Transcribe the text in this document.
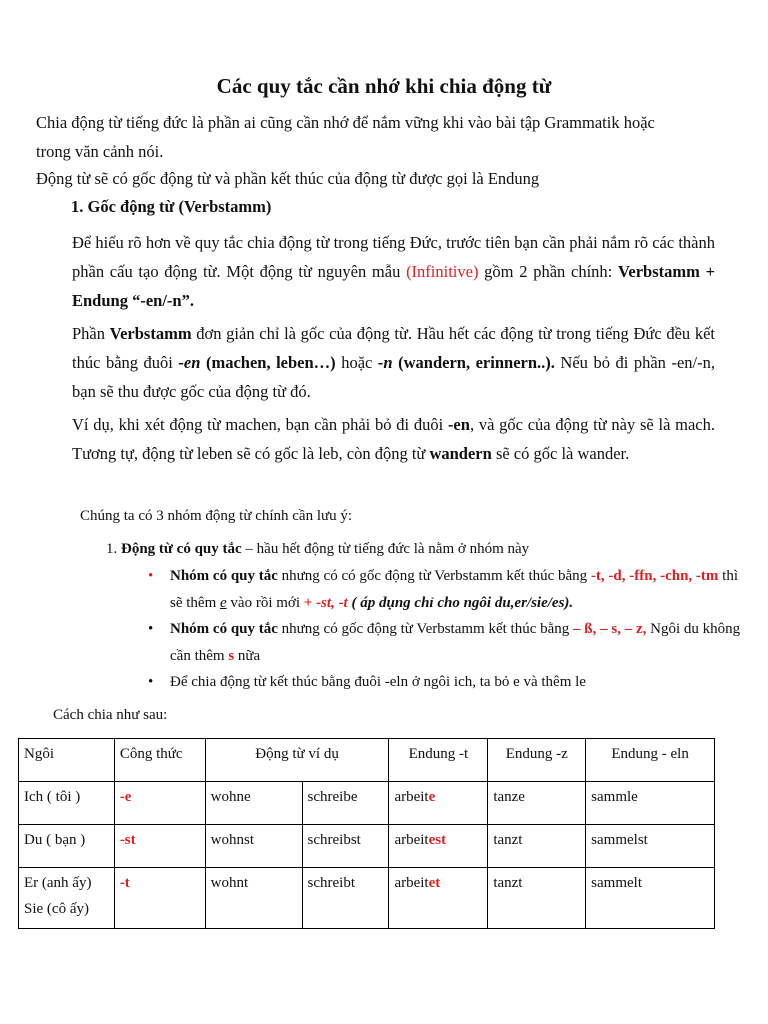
Các quy tắc cần nhớ khi chia động từ

Chia động từ tiếng đức là phần ai cũng cần nhớ để nắm vững khi vào bài tập Grammatik hoặc

trong văn cảnh nói.

Động từ sẽ có gốc động từ và phần kết thúc của động từ được gọi là Endung

1. Gốc động từ (Verbstamm)

Để hiểu rõ hơn về quy tắc chia động từ trong tiếng Đức, trước tiên bạn cần phải nắm rõ các thành phần cấu tạo động từ. Một động từ nguyên mẫu (Infinitive) gồm 2 phần chính: Verbstamm + Endung “-en/-n”.

Phần Verbstamm đơn giản chỉ là gốc của động từ. Hầu hết các động từ trong tiếng Đức đều kết thúc bằng đuôi -en (machen, leben…) hoặc -n (wandern, erinnern..). Nếu bỏ đi phần -en/-n, bạn sẽ thu được gốc của động từ đó.

Ví dụ, khi xét động từ machen, bạn cần phải bỏ đi đuôi -en, và gốc của động từ này sẽ là mach. Tương tự, động từ leben sẽ có gốc là leb, còn động từ wandern sẽ có gốc là wander.

Chúng ta có 3 nhóm động từ chính cần lưu ý:

1. Động từ có quy tắc – hầu hết động từ tiếng đức là nằm ở nhóm này

• Nhóm có quy tắc nhưng có có gốc động từ Verbstamm kết thúc bằng -t, -d, -ffn, -chn, -tm thì sẽ thêm e vào rồi mới + -st, -t ( áp dụng chỉ cho ngôi du,er/sie/es).
• Nhóm có quy tắc nhưng có gốc động từ Verbstamm kết thúc bằng – ß, – s, – z, Ngôi du không cần thêm s nữa
• Để chia động từ kết thúc bằng đuôi -eln ở ngôi ich, ta bỏ e và thêm le

Cách chia như sau:

Ngôi	Công thức	Động từ ví dụ		Endung -t	Endung -z	Endung - eln
Ich ( tôi )	-e	wohne	schreibe	arbeite	tanze	sammle
Du ( bạn )	-st	wohnst	schreibst	arbeitest	tanzt	sammelst

Er (anh ấy)
Sie (cô ấy)	-t	wohnt	schreibt	arbeitet	tanzt	sammelt
